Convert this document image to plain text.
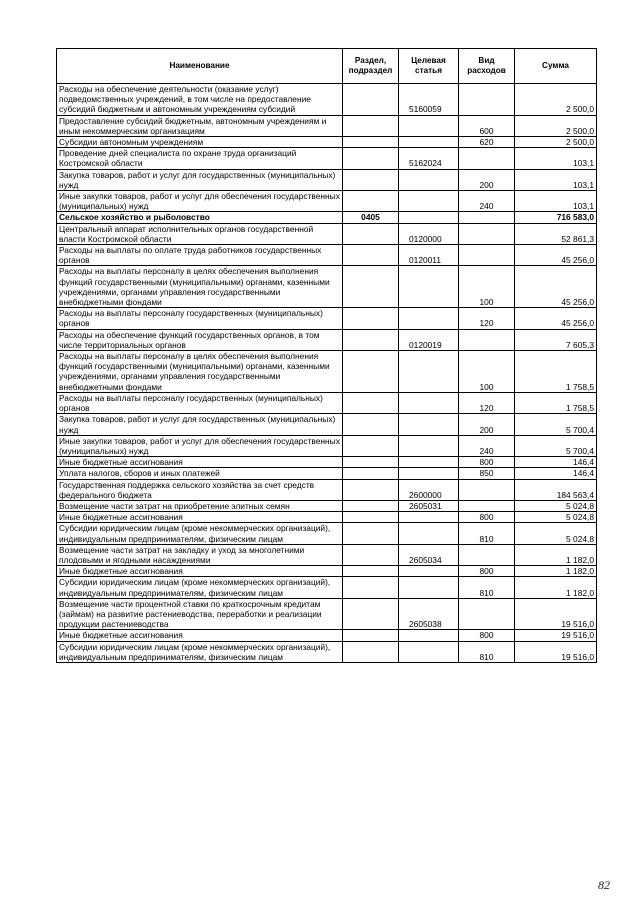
Наименование	Раздел, подраздел	Целевая статья	Вид расходов	Сумма
Расходы на обеспечение деятельности (оказание услуг) подведомственных учреждений, в том числе на предоставление субсидий бюджетным и автономным учреждениям субсидий		5160059		2 500,0
Предоставление субсидий бюджетным, автономным учреждениям и иным некоммерческим организациям			600	2 500,0
Субсидии автономным учреждениям			620	2 500,0
Проведение дней специалиста по охране труда организаций Костромской области		5162024		103,1
Закупка товаров, работ и услуг для государственных (муниципальных) нужд			200	103,1
Иные закупки товаров, работ и услуг для обеспечения государственных (муниципальных) нужд			240	103,1
Сельское хозяйство и рыболовство	0405			716 583,0
Центральный аппарат исполнительных органов государственной власти Костромской области		0120000		52 861,3
Расходы на выплаты по оплате труда работников государственных органов		0120011		45 256,0
Расходы на выплаты персоналу в целях обеспечения выполнения функций государственными (муниципальными) органами, казенными учреждениями, органами управления государственными внебюджетными фондами			100	45 256,0
Расходы на выплаты персоналу государственных (муниципальных) органов			120	45 256,0
Расходы на обеспечение функций государственных органов, в том числе территориальных органов		0120019		7 605,3
Расходы на выплаты персоналу в целях обеспечения выполнения функций государственными (муниципальными) органами, казенными учреждениями, органами управления государственными внебюджетными фондами			100	1 758,5
Расходы на выплаты персоналу государственных (муниципальных) органов			120	1 758,5
Закупка товаров, работ и услуг для государственных (муниципальных) нужд			200	5 700,4
Иные закупки товаров, работ и услуг для обеспечения государственных (муниципальных) нужд			240	5 700,4
Иные бюджетные ассигнования			800	146,4
Уплата налогов, сборов и иных платежей			850	146,4
Государственная поддержка сельского хозяйства за счет средств федерального бюджета		2600000		184 563,4
Возмещение части затрат на приобретение элитных семян		2605031		5 024,8
Иные бюджетные ассигнования			800	5 024,8
Субсидии юридическим лицам (кроме некоммерческих организаций), индивидуальным предпринимателям, физическим лицам			810	5 024,8
Возмещение части затрат на закладку и уход за многолетними плодовыми и ягодными насаждениями		2605034		1 182,0
Иные бюджетные ассигнования			800	1 182,0
Субсидии юридическим лицам (кроме некоммерческих организаций), индивидуальным предпринимателям, физическим лицам			810	1 182,0
Возмещение части процентной ставки по краткосрочным кредитам (займам) на развитие растениеводства, переработки и реализации продукции растениеводства		2605038		19 516,0
Иные бюджетные ассигнования			800	19 516,0
Субсидии юридическим лицам (кроме некоммерческих организаций), индивидуальным предпринимателям, физическим лицам			810	19 516,0
82
